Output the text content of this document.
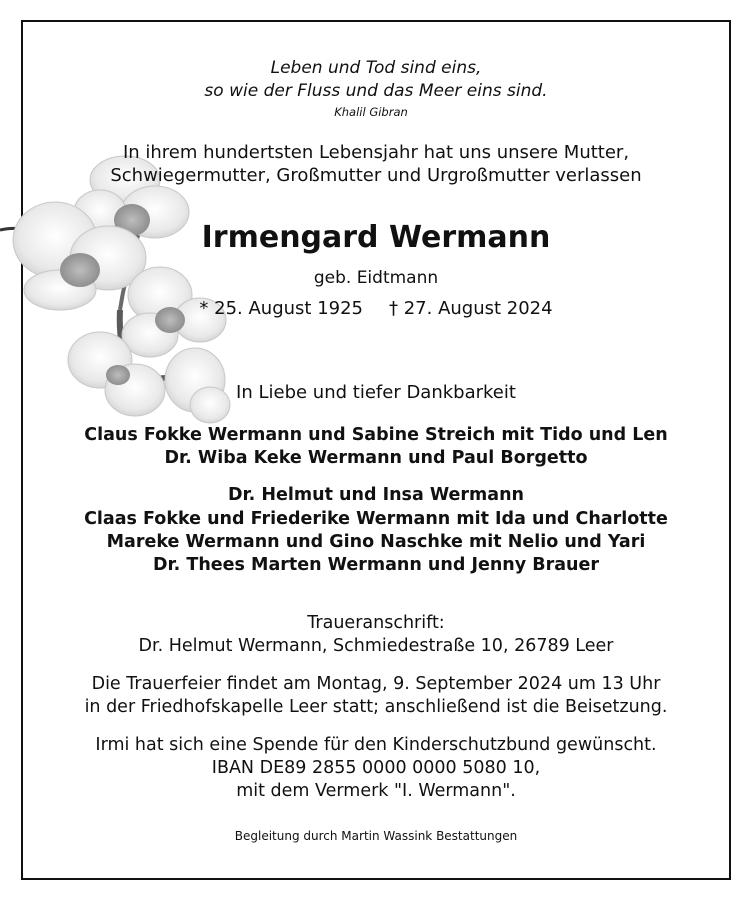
Leben und Tod sind eins,
so wie der Fluss und das Meer eins sind.
Khalil Gibran
In ihrem hundertsten Lebensjahr hat uns unsere Mutter,
Schwiegermutter, Großmutter und Urgroßmutter verlassen
Irmengard Wermann
geb. Eidtmann
* 25. August 1925 † 27. August 2024
In Liebe und tiefer Dankbarkeit
Claus Fokke Wermann und Sabine Streich mit Tido und Len
Dr. Wiba Keke Wermann und Paul Borgetto
Dr. Helmut und Insa Wermann
Claas Fokke und Friederike Wermann mit Ida und Charlotte
Mareke Wermann und Gino Naschke mit Nelio und Yari
Dr. Thees Marten Wermann und Jenny Brauer
Traueranschrift:
Dr. Helmut Wermann, Schmiedestraße 10, 26789 Leer
Die Trauerfeier findet am Montag, 9. September 2024 um 13 Uhr
in der Friedhofskapelle Leer statt; anschließend ist die Beisetzung.
Irmi hat sich eine Spende für den Kinderschutzbund gewünscht.
IBAN DE89 2855 0000 0000 5080 10,
mit dem Vermerk "I. Wermann".
Begleitung durch Martin Wassink Bestattungen
